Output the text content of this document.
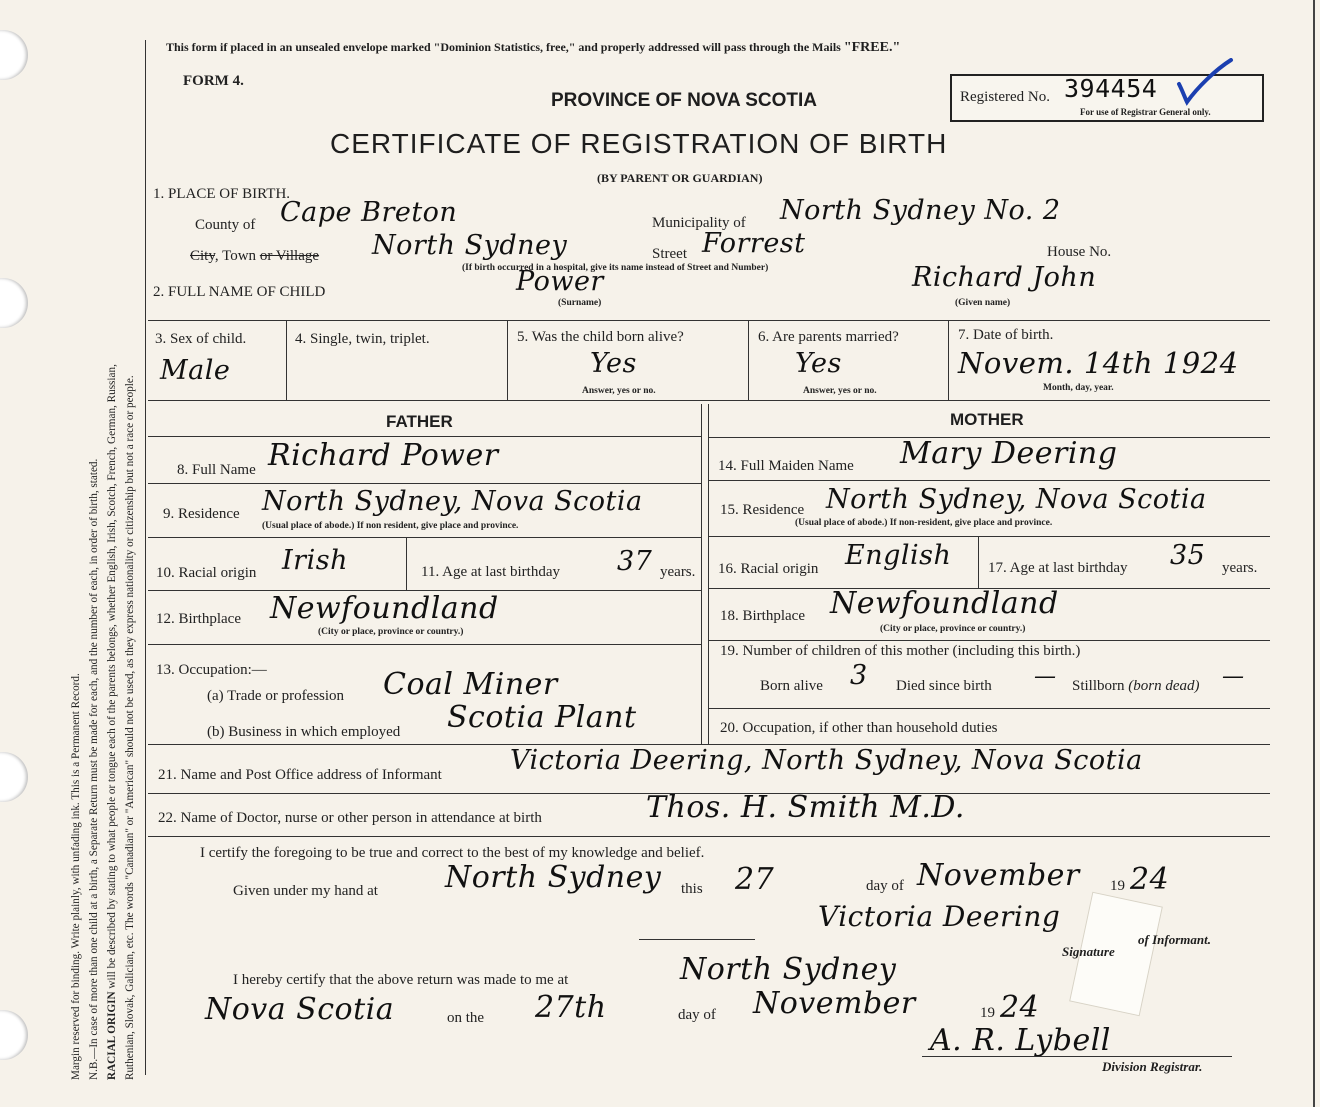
Margin reserved for binding. Write plainly, with unfading ink. This is a Permanent Record. N.B.—In case of more than one child at a birth, a Separate Return must be made for each, and the number of each, in order of birth, stated. RACIAL ORIGIN will be described by stating to what people or tongue each of the parents belongs, whether English, Irish, Scotch, French, German, Russian, Ruthenian, Slovak, Galician, etc. The words "Canadian" or "American" should not be used, as they express nationality or citizenship but not a race or people.
This form if placed in an unsealed envelope marked "Dominion Statistics, free," and properly addressed will pass through the Mails "FREE."
FORM 4.
PROVINCE OF NOVA SCOTIA
CERTIFICATE OF REGISTRATION OF BIRTH
(BY PARENT OR GUARDIAN)
Registered No. 394454
For use of Registrar General only.
1. PLACE OF BIRTH.
County of Cape Breton	Municipality of North Sydney No. 2
City, Town or Village North Sydney	Street Forrest	House No.
(If birth occurred in a hospital, give its name instead of Street and Number)
2. FULL NAME OF CHILD	Power
(Surname)
Richard John
(Given name)
3. Sex of child.
Male
4. Single, twin, triplet.	5. Was the child born alive?
Yes
Answer, yes or no.
6. Are parents married?
Yes
Answer, yes or no.
7. Date of birth.
Novem. 14th 1924
Month, day, year.
FATHER	MOTHER
8. Full Name Richard Power
9. Residence North Sydney, Nova Scotia
(Usual place of abode.) If non resident, give place and province.
10. Racial origin Irish	11. Age at last birthday 37 years.
12. Birthplace Newfoundland
(City or place, province or country.)
13. Occupation:—
(a) Trade or profession Coal Miner
(b) Business in which employed Scotia Plant
14. Full Maiden Name Mary Deering
15. Residence North Sydney, Nova Scotia
(Usual place of abode.) If non-resident, give place and province.
16. Racial origin English 17. Age at last birthday 35 years.
18. Birthplace Newfoundland
(City or place, province or country.)
19. Number of children of this mother (including this birth.)
Born alive 3 Died since birth — Stillborn (born dead) —
20. Occupation, if other than household duties
21. Name and Post Office address of Informant	Victoria Deering, North Sydney, Nova Scotia
22. Name of Doctor, nurse or other person in attendance at birth	Thos. H. Smith M.D.
I certify the foregoing to be true and correct to the best of my knowledge and belief.
Given under my hand at North Sydney this 27	day of November 19 24
Victoria Deering
Signature
of Informant.
I hereby certify that the above return was made to me at	North Sydney
Nova Scotia	on the 27th	day of November	19 24
A. R. Lybell
Division Registrar.
